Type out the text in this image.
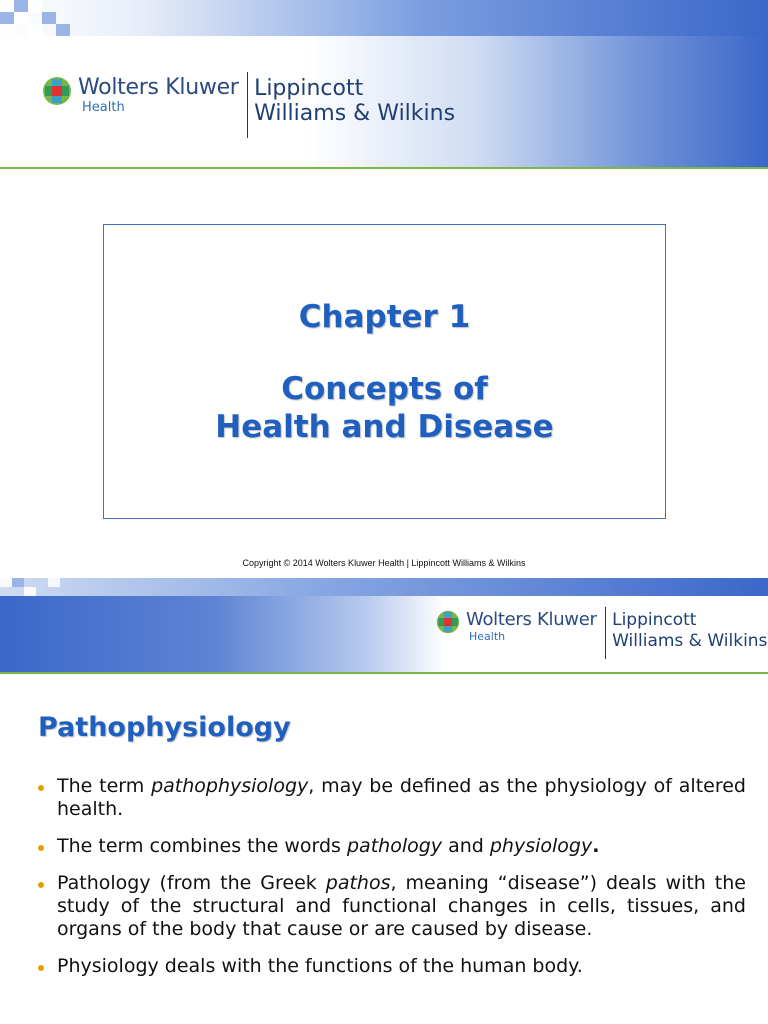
Wolters Kluwer
Health
Lippincott
Williams & Wilkins
Chapter 1
Concepts of
Health and Disease
Copyright © 2014 Wolters Kluwer Health | Lippincott Williams & Wilkins
Wolters Kluwer
Health
Lippincott
Williams & Wilkins
Pathophysiology
The term pathophysiology, may be defined as the physiology of altered health.
The term combines the words pathology and physiology.
Pathology (from the Greek pathos, meaning “disease”) deals with the study of the structural and functional changes in cells, tissues, and organs of the body that cause or are caused by disease.
Physiology deals with the functions of the human body.
